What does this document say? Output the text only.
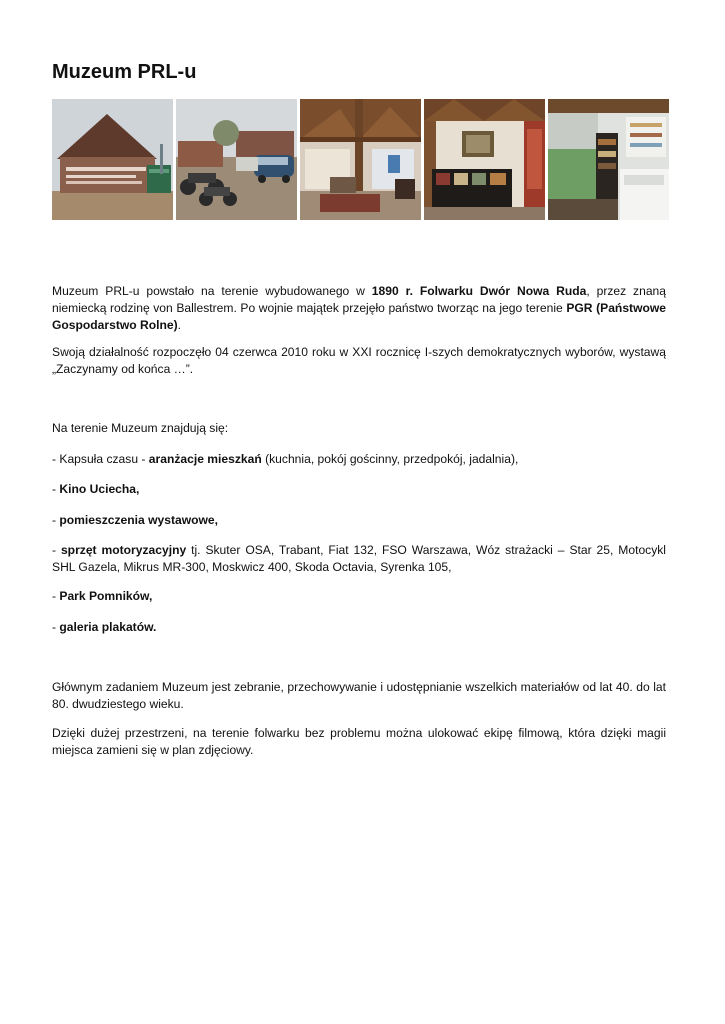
Muzeum PRL-u

Muzeum PRL-u powstało na terenie wybudowanego w 1890 r. Folwarku Dwór Nowa Ruda, przez znaną niemiecką rodzinę von Ballestrem. Po wojnie majątek przejęło państwo tworząc na jego terenie PGR (Państwowe Gospodarstwo Rolne).

Swoją działalność rozpoczęło 04 czerwca 2010 roku w XXI rocznicę I-szych demokratycznych wyborów, wystawą „Zaczynamy od końca …”.

Na terenie Muzeum znajdują się:

- Kapsuła czasu - aranżacje mieszkań (kuchnia, pokój gościnny, przedpokój, jadalnia),

- Kino Uciecha,

- pomieszczenia wystawowe,

- sprzęt motoryzacyjny tj. Skuter OSA, Trabant, Fiat 132, FSO Warszawa, Wóz strażacki – Star 25, Motocykl SHL Gazela, Mikrus MR-300, Moskwicz 400, Skoda Octavia, Syrenka 105,

- Park Pomników,

- galeria plakatów.

Głównym zadaniem Muzeum jest zebranie, przechowywanie i udostępnianie wszelkich materiałów od lat 40. do lat 80. dwudziestego wieku.

Dzięki dużej przestrzeni, na terenie folwarku bez problemu można ulokować ekipę filmową, która dzięki magii miejsca zamieni się w plan zdjęciowy.
